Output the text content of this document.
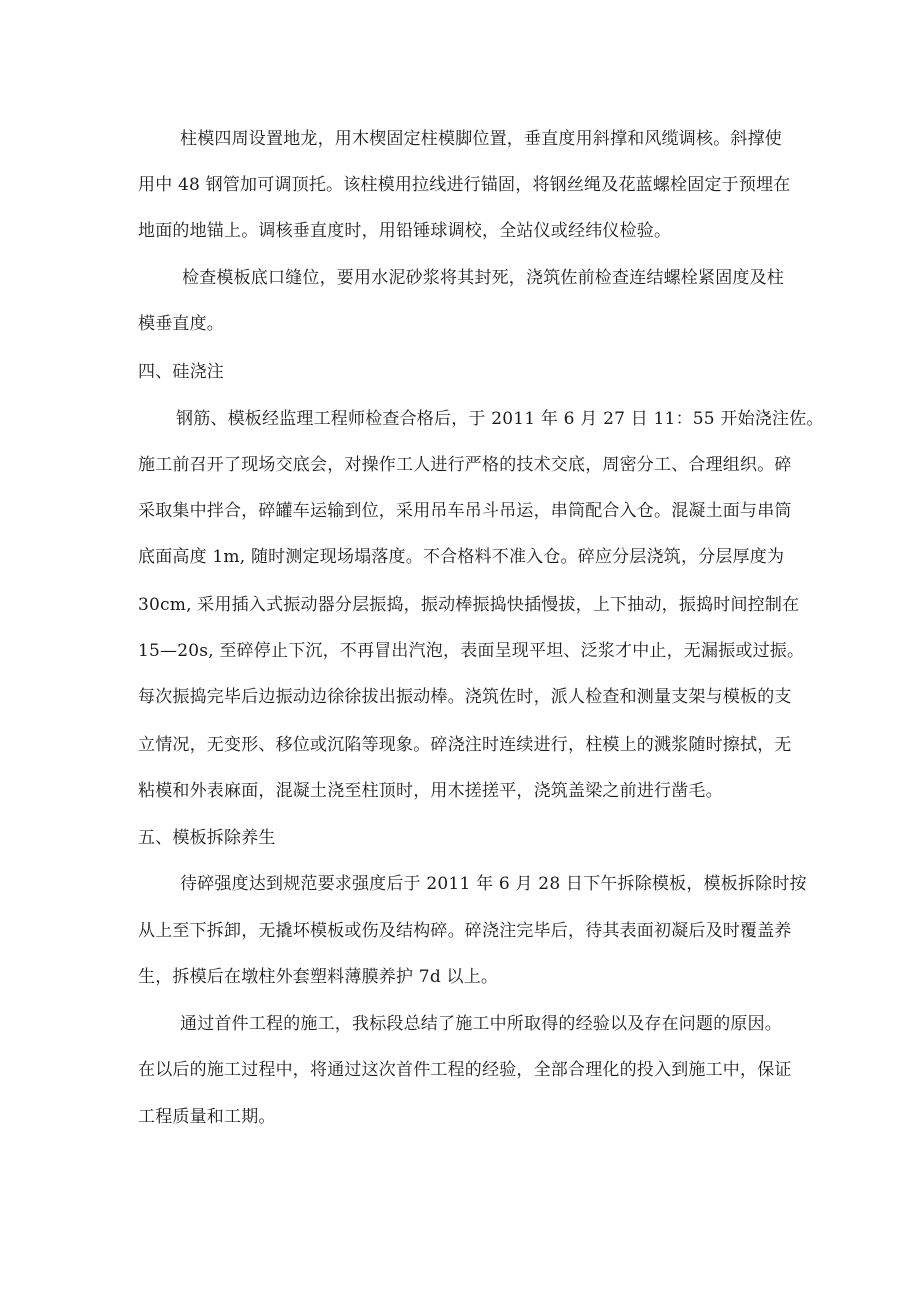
柱模四周设置地龙，用木楔固定柱模脚位置，垂直度用斜撑和风缆调核。斜撑使
用中 48 钢管加可调顶托。该柱模用拉线进行锚固，将钢丝绳及花蓝螺栓固定于预埋在
地面的地锚上。调核垂直度时，用铅锤球调校，全站仪或经纬仪检验。
检查模板底口缝位，要用水泥砂浆将其封死，浇筑佐前检查连结螺栓紧固度及柱
模垂直度。
四、硅浇注
钢筋、模板经监理工程师检查合格后，于 2011 年 6 月 27 日 11：55 开始浇注佐。
施工前召开了现场交底会，对操作工人进行严格的技术交底，周密分工、合理组织。碎
采取集中拌合，碎罐车运输到位，采用吊车吊斗吊运，串筒配合入仓。混凝土面与串筒
底面高度 1m, 随时测定现场塌落度。不合格料不准入仓。碎应分层浇筑，分层厚度为
30cm, 采用插入式振动器分层振捣，振动棒振捣快插慢拔，上下抽动，振捣时间控制在
15—20s, 至碎停止下沉，不再冒出汽泡，表面呈现平坦、泛浆才中止，无漏振或过振。
每次振捣完毕后边振动边徐徐拔出振动棒。浇筑佐时，派人检查和测量支架与模板的支
立情况，无变形、移位或沉陷等现象。碎浇注时连续进行，柱模上的溅浆随时擦拭，无
粘模和外表麻面，混凝土浇至柱顶时，用木搓搓平，浇筑盖梁之前进行凿毛。
五、模板拆除养生
待碎强度达到规范要求强度后于 2011 年 6 月 28 日下午拆除模板，模板拆除时按
从上至下拆卸，无撬坏模板或伤及结构碎。碎浇注完毕后，待其表面初凝后及时覆盖养
生，拆模后在墩柱外套塑料薄膜养护 7d 以上。
通过首件工程的施工，我标段总结了施工中所取得的经验以及存在问题的原因。
在以后的施工过程中，将通过这次首件工程的经验，全部合理化的投入到施工中，保证
工程质量和工期。
